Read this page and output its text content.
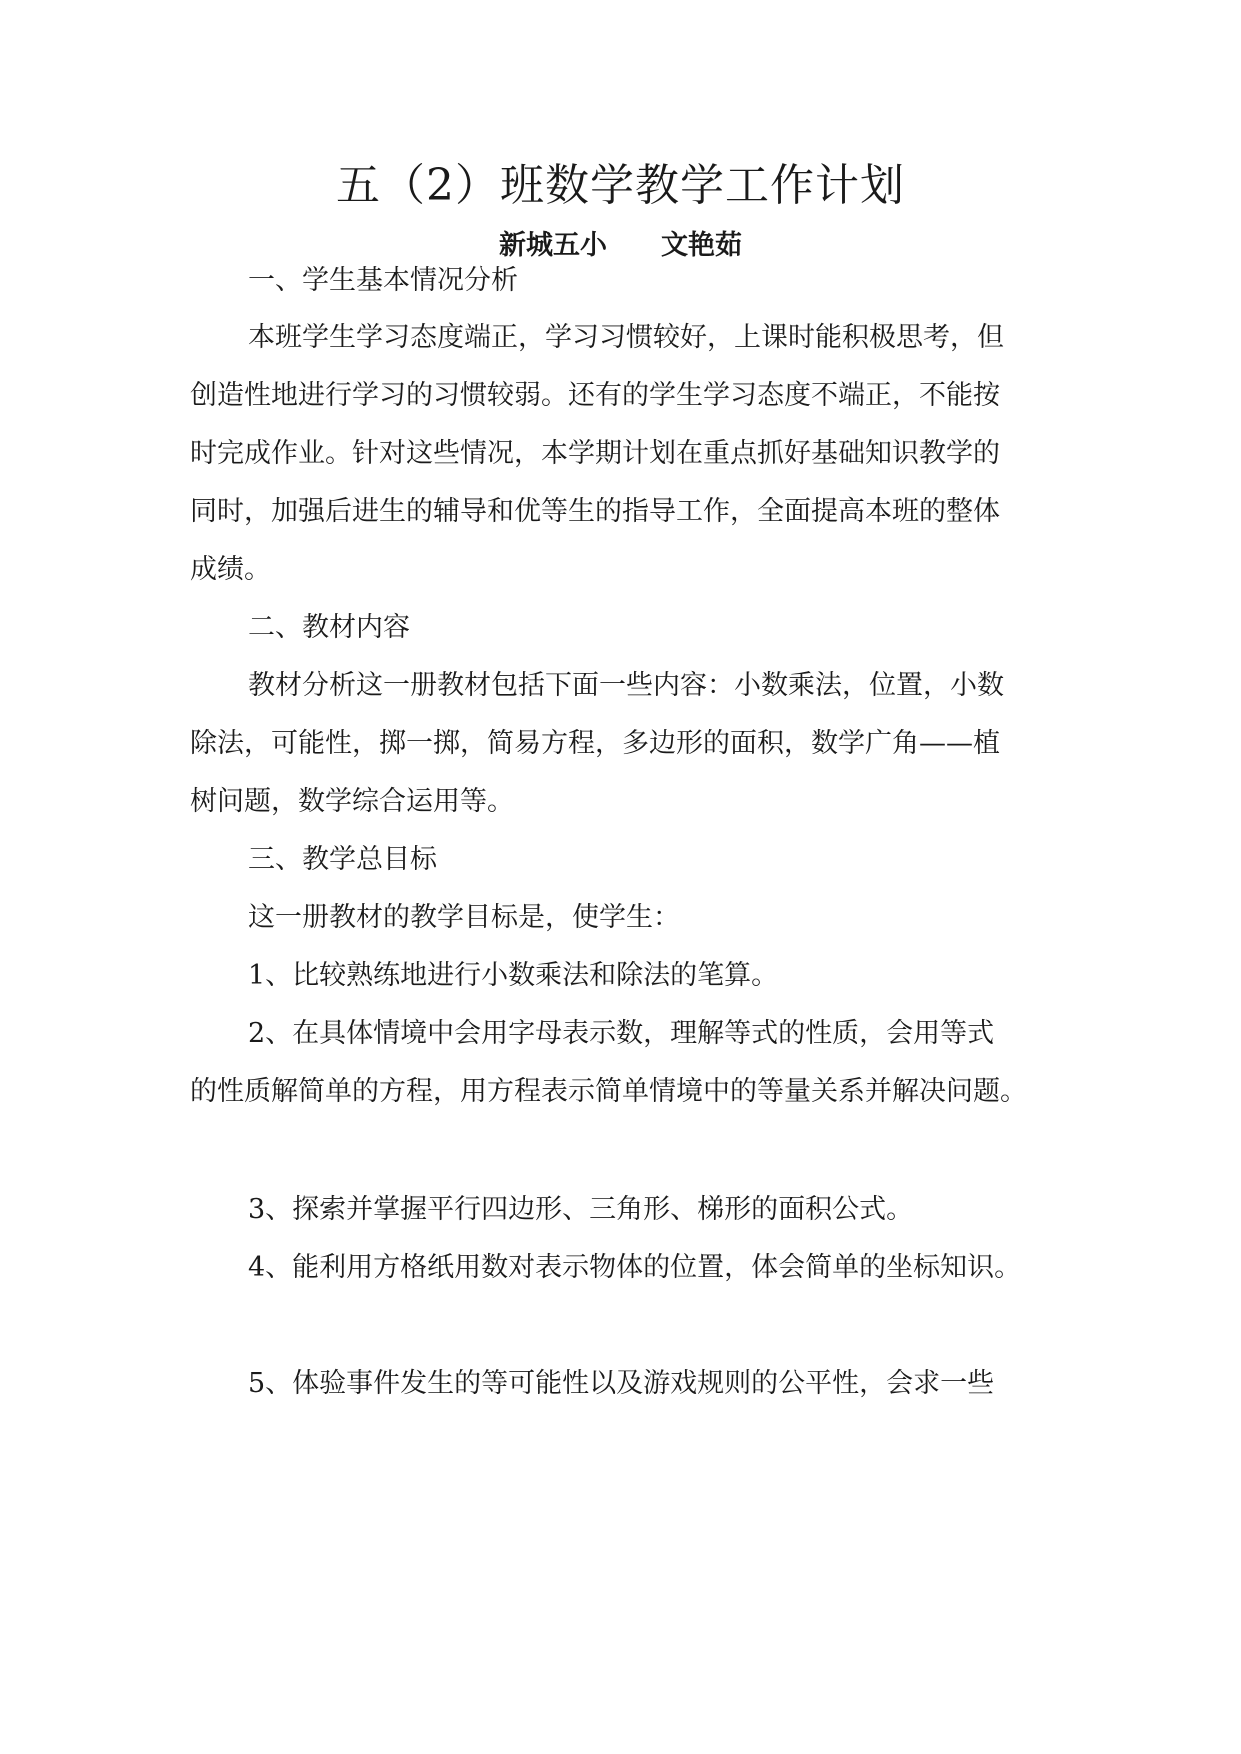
五（2）班数学教学工作计划
新城五小　　文艳茹
一、学生基本情况分析
本班学生学习态度端正，学习习惯较好，上课时能积极思考，但
创造性地进行学习的习惯较弱。还有的学生学习态度不端正，不能按
时完成作业。针对这些情况，本学期计划在重点抓好基础知识教学的
同时，加强后进生的辅导和优等生的指导工作，全面提高本班的整体
成绩。
二、教材内容
教材分析这一册教材包括下面一些内容：小数乘法，位置，小数
除法，可能性，掷一掷，简易方程，多边形的面积，数学广角——植
树问题，数学综合运用等。
三、教学总目标
这一册教材的教学目标是，使学生：
1、比较熟练地进行小数乘法和除法的笔算。
2、在具体情境中会用字母表示数，理解等式的性质，会用等式
的性质解简单的方程，用方程表示简单情境中的等量关系并解决问题。
3、探索并掌握平行四边形、三角形、梯形的面积公式。
4、能利用方格纸用数对表示物体的位置，体会简单的坐标知识。
5、体验事件发生的等可能性以及游戏规则的公平性，会求一些
